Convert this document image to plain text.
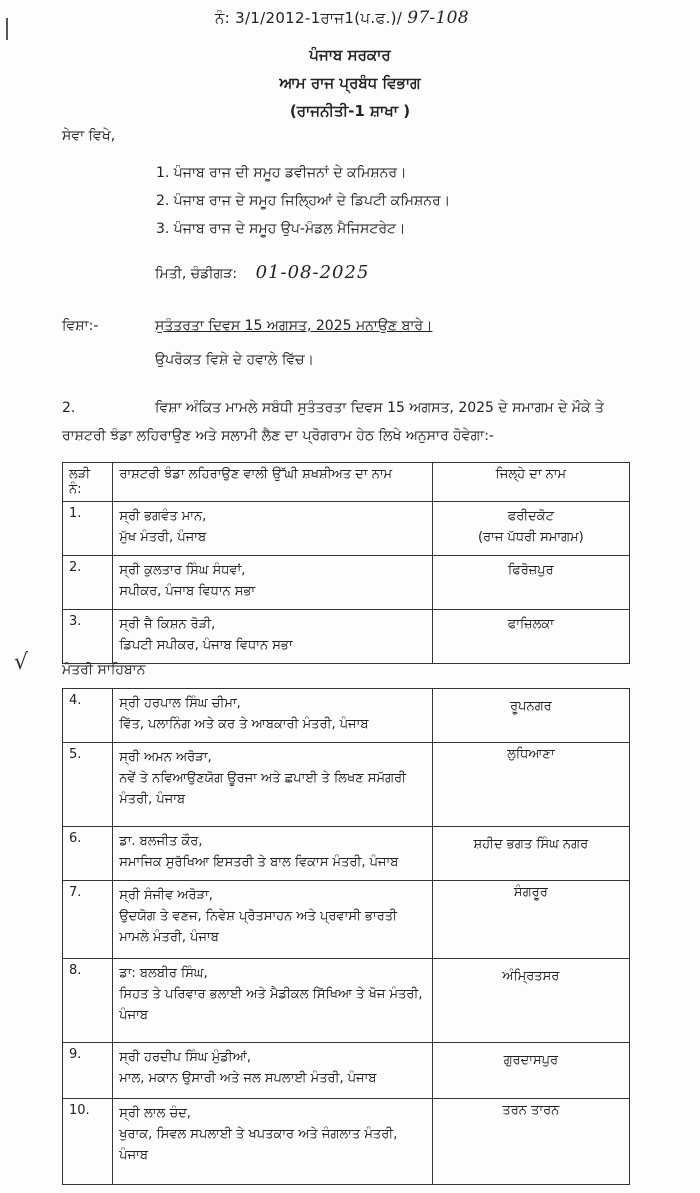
ਨੰ: 3/1/2012-1ਰਾਜ1(ਪ.ਫ.)/ 97-108
ਪੰਜਾਬ ਸਰਕਾਰ
ਆਮ ਰਾਜ ਪ੍ਰਬੰਧ ਵਿਭਾਗ
(ਰਾਜਨੀਤੀ-1 ਸ਼ਾਖਾ )
ਸੇਵਾ ਵਿਖੇ,
1. ਪੰਜਾਬ ਰਾਜ ਦੀ ਸਮੂਹ ਡਵੀਜਨਾਂ ਦੇ ਕਮਿਸ਼ਨਰ।
2. ਪੰਜਾਬ ਰਾਜ ਦੇ ਸਮੂਹ ਜਿਲ੍ਹਿਆਂ ਦੇ ਡਿਪਟੀ ਕਮਿਸ਼ਨਰ।
3. ਪੰਜਾਬ ਰਾਜ ਦੇ ਸਮੂਹ ਉਪ-ਮੰਡਲ ਮੈਜਿਸਟਰੇਟ।
ਮਿਤੀ, ਚੰਡੀਗੜ: 01-08-2025
ਵਿਸ਼ਾ:-	ਸੁਤੰਤਰਤਾ ਦਿਵਸ 15 ਅਗਸਤ, 2025 ਮਨਾਉਣ ਬਾਰੇ।
ਉਪਰੋਕਤ ਵਿਸ਼ੇ ਦੇ ਹਵਾਲੇ ਵਿੱਚ।
2.	ਵਿਸ਼ਾ ਅੰਕਿਤ ਮਾਮਲੇ ਸਬੰਧੀ ਸੁਤੰਤਰਤਾ ਦਿਵਸ 15 ਅਗਸਤ, 2025 ਦੇ ਸਮਾਗਮ ਦੇ ਮੌਕੇ ਤੇ
ਰਾਸ਼ਟਰੀ ਝੰਡਾ ਲਹਿਰਾਉਣ ਅਤੇ ਸਲਾਮੀ ਲੈਣ ਦਾ ਪ੍ਰੋਗਰਾਮ ਹੇਠ ਲਿਖੇ ਅਨੁਸਾਰ ਹੋਵੇਗਾ:-
ਲੜੀ ਨੰ:	ਰਾਸ਼ਟਰੀ ਝੰਡਾ ਲਹਿਰਾਉਣ ਵਾਲੀ ਉੱਘੀ ਸ਼ਖਸ਼ੀਅਤ ਦਾ ਨਾਮ	ਜਿਲ੍ਹੇ ਦਾ ਨਾਮ
1.	ਸ੍ਰੀ ਭਗਵੰਤ ਮਾਨ,
ਮੁੱਖ ਮੰਤਰੀ, ਪੰਜਾਬ	ਫਰੀਦਕੋਟ
(ਰਾਜ ਪੱਧਰੀ ਸਮਾਗਮ)

2.	ਸ੍ਰੀ ਕੁਲਤਾਰ ਸਿੰਘ ਸੰਧਵਾਂ,
ਸਪੀਕਰ, ਪੰਜਾਬ ਵਿਧਾਨ ਸਭਾ	ਫਿਰੋਜ਼ਪੁਰ

3.	ਸ੍ਰੀ ਜੈ ਕਿਸ਼ਨ ਰੋੜੀ,
ਡਿਪਟੀ ਸਪੀਕਰ, ਪੰਜਾਬ ਵਿਧਾਨ ਸਭਾ	ਫਾਜ਼ਿਲਕਾ
√ ਮੰਤਰੀ ਸਾਹਿਬਾਨ
4.	ਸ੍ਰੀ ਹਰਪਾਲ ਸਿੰਘ ਚੀਮਾ,
ਵਿੱਤ, ਪਲਾਨਿੰਗ ਅਤੇ ਕਰ ਤੇ ਆਬਕਾਰੀ ਮੰਤਰੀ, ਪੰਜਾਬ	ਰੂਪਨਗਰ
5.	ਸ੍ਰੀ ਅਮਨ ਅਰੋੜਾ,
ਨਵੇਂ ਤੇ ਨਵਿਆਉਣਯੋਗ ਊਰਜਾ ਅਤੇ ਛਪਾਈ ਤੇ ਲਿਖਣ ਸਮੱਗਰੀ
ਮੰਤਰੀ, ਪੰਜਾਬ	ਲੁਧਿਆਣਾ
6.	ਡਾ. ਬਲਜੀਤ ਕੌਰ,
ਸਮਾਜਿਕ ਸੁਰੱਖਿਆ ਇਸਤਰੀ ਤੇ ਬਾਲ ਵਿਕਾਸ ਮੰਤਰੀ, ਪੰਜਾਬ	ਸ਼ਹੀਦ ਭਗਤ ਸਿੰਘ ਨਗਰ
7.	ਸ੍ਰੀ ਸੰਜੀਵ ਅਰੋੜਾ,
ਉਦਯੋਗ ਤੇ ਵਣਜ, ਨਿਵੇਸ਼ ਪ੍ਰੋਤਸਾਹਨ ਅਤੇ ਪ੍ਰਵਾਸੀ ਭਾਰਤੀ
ਮਾਮਲੇ ਮੰਤਰੀ, ਪੰਜਾਬ	ਸੰਗਰੂਰ
8.	ਡਾ: ਬਲਬੀਰ ਸਿੰਘ,
ਸਿਹਤ ਤੇ ਪਰਿਵਾਰ ਭਲਾਈ ਅਤੇ ਮੈਡੀਕਲ ਸਿੱਖਿਆ ਤੇ ਖੋਜ ਮੰਤਰੀ,
ਪੰਜਾਬ	ਅੰਮ੍ਰਿਤਸਰ
9.	ਸ੍ਰੀ ਹਰਦੀਪ ਸਿੰਘ ਮੁੰਡੀਆਂ,
ਮਾਲ, ਮਕਾਨ ਉਸਾਰੀ ਅਤੇ ਜਲ ਸਪਲਾਈ ਮੰਤਰੀ, ਪੰਜਾਬ	ਗੁਰਦਾਸਪੁਰ
10.	ਸ੍ਰੀ ਲਾਲ ਚੰਦ,
ਖੁਰਾਕ, ਸਿਵਲ ਸਪਲਾਈ ਤੇ ਖਪਤਕਾਰ ਅਤੇ ਜੰਗਲਾਤ ਮੰਤਰੀ,
ਪੰਜਾਬ	ਤਰਨ ਤਾਰਨ
